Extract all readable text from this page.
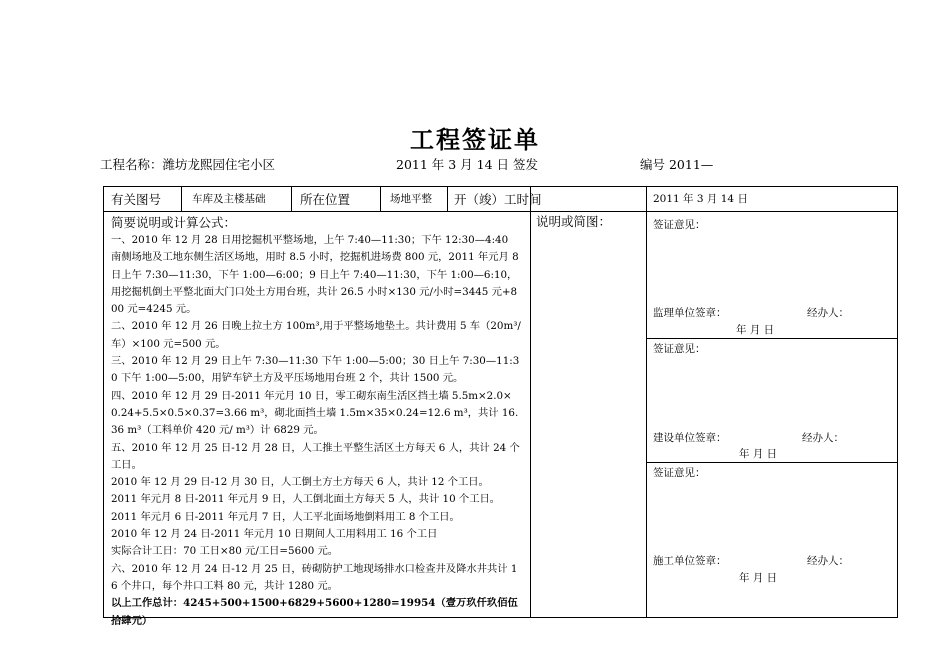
工程签证单
工程名称：潍坊龙熙园住宅小区	2011 年 3 月 14 日 签发	编号 2011—
有关图号	车库及主楼基础	所在位置	场地平整 开（竣）工时间	2011 年 3 月 14 日
简要说明或计算公式：
一、2010 年 12 月 28 日用挖掘机平整场地，上午 7:40—11:30；下午 12:30—4:40 南侧场地及工地东侧生活区场地，用时 8.5 小时，挖掘机进场费 800 元，2011 年元月 8 日上午 7:30—11:30，下午 1:00—6:00；9 日上午 7:40—11:30，下午 1:00—6:10，用挖掘机倒土平整北面大门口处土方用台班，共计 26.5 小时×130 元/小时=3445 元+800 元=4245 元。
二、2010 年 12 月 26 日晚上拉土方 100m³,用于平整场地垫土。共计费用 5 车（20m³/车）×100 元=500 元。
三、2010 年 12 月 29 日上午 7:30—11:30 下午 1:00—5:00；30 日上午 7:30—11:30 下午 1:00—5:00，用铲车铲土方及平压场地用台班 2 个，共计 1500 元。
四、2010 年 12 月 29 日-2011 年元月 10 日，零工砌东南生活区挡土墙 5.5m×2.0×0.24+5.5×0.5×0.37=3.66 m³，砌北面挡土墙 1.5m×35×0.24=12.6 m³，共计 16.36 m³（工料单价 420 元/ m³）计 6829 元。
五、2010 年 12 月 25 日-12 月 28 日，人工推土平整生活区土方每天 6 人，共计 24 个工日。
2010 年 12 月 29 日-12 月 30 日，人工倒土方土方每天 6 人，共计 12 个工日。
2011 年元月 8 日-2011 年元月 9 日，人工倒北面土方每天 5 人，共计 10 个工日。
2011 年元月 6 日-2011 年元月 7 日，人工平北面场地倒料用工 8 个工日。
2010 年 12 月 24 日-2011 年元月 10 日期间人工用料用工 16 个工日
实际合计工日：70 工日×80 元/工日=5600 元。
六、2010 年 12 月 24 日-12 月 25 日，砖砌防护工地现场排水口检查井及降水井共计 16 个井口，每个井口工料 80 元，共计 1280 元。
以上工作总计：4245+500+1500+6829+5600+1280=19954（壹万玖仟玖佰伍拾肆元）
说明或简图：	签证意见：
监理单位签章：	经办人：
年 月 日
签证意见：
建设单位签章：	经办人：
年 月 日
签证意见：
施工单位签章：	经办人：
年 月 日
